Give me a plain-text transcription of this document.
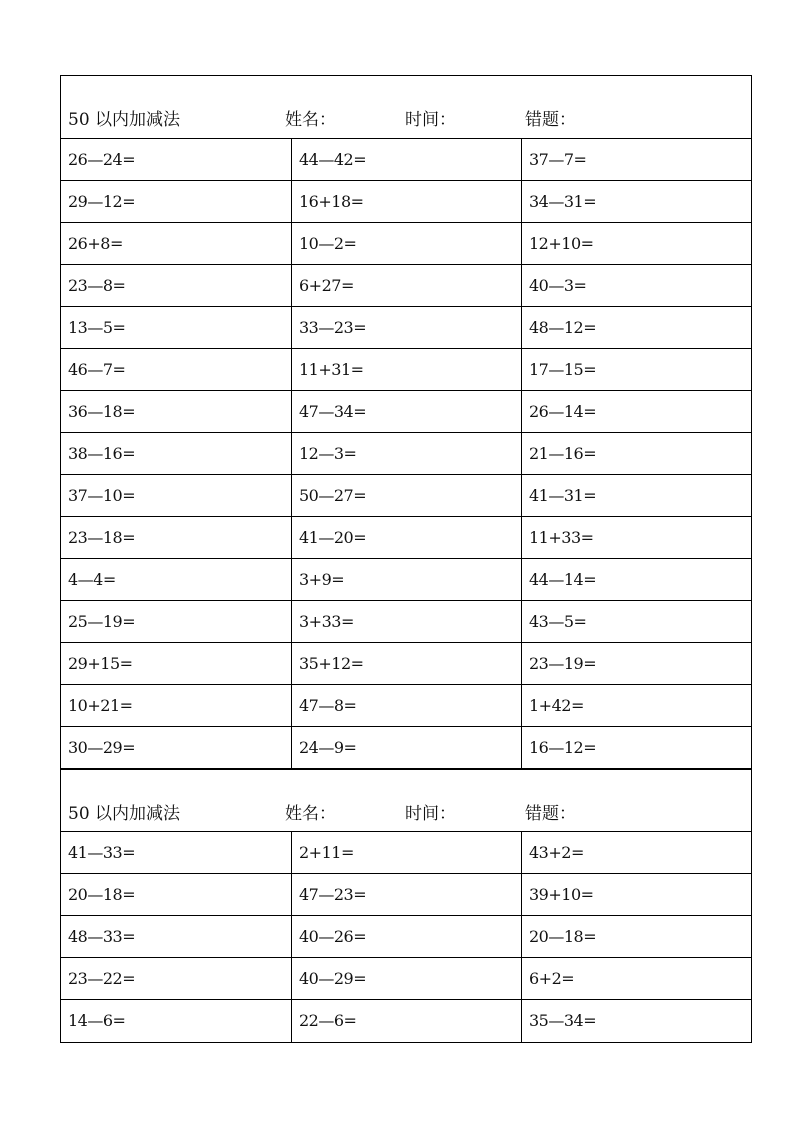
50 以内加减法	姓名：	时间：	错题：
26—24=	44—42=	37—7=
29—12=	16+18=	34—31=
26+8=	10—2=	12+10=
23—8=	6+27=	40—3=
13—5=	33—23=	48—12=
46—7=	11+31=	17—15=
36—18=	47—34=	26—14=
38—16=	12—3=	21—16=
37—10=	50—27=	41—31=
23—18=	41—20=	11+33=
4—4=	3+9=	44—14=
25—19=	3+33=	43—5=
29+15=	35+12=	23—19=
10+21=	47—8=	1+42=
30—29=	24—9=	16—12=
50 以内加减法	姓名：	时间：	错题：
41—33=	2+11=	43+2=
20—18=	47—23=	39+10=
48—33=	40—26=	20—18=
23—22=	40—29=	6+2=
14—6=	22—6=	35—34=
